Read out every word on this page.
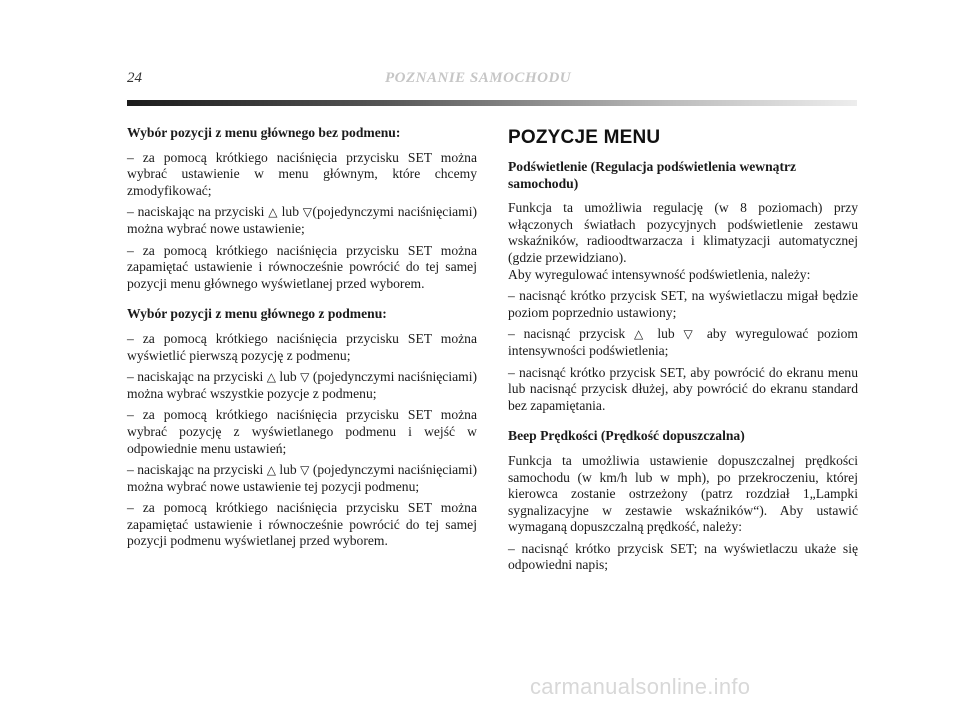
24	POZNANIE SAMOCHODU
Wybór pozycji z menu głównego bez podmenu:

– za pomocą krótkiego naciśnięcia przycisku SET można wybrać ustawienie w menu głównym, które chcemy zmodyfikować;

– naciskając na przyciski △ lub ▽(pojedynczymi naciśnięciami) można wybrać nowe ustawienie;

– za pomocą krótkiego naciśnięcia przycisku SET można zapamiętać ustawienie i równocześnie powrócić do tej samej pozycji menu głównego wyświetlanej przed wyborem.

Wybór pozycji z menu głównego z podmenu:

– za pomocą krótkiego naciśnięcia przycisku SET można wyświetlić pierwszą pozycję z podmenu;

– naciskając na przyciski △ lub ▽ (pojedynczymi naciśnięciami) można wybrać wszystkie pozycje z podmenu;

– za pomocą krótkiego naciśnięcia przycisku SET można wybrać pozycję z wyświetlanego podmenu i wejść w odpowiednie menu ustawień;

– naciskając na przyciski △ lub ▽ (pojedynczymi naciśnięciami) można wybrać nowe ustawienie tej pozycji podmenu;

– za pomocą krótkiego naciśnięcia przycisku SET można zapamiętać ustawienie i równocześnie powrócić do tej samej pozycji podmenu wyświetlanej przed wyborem.

POZYCJE MENU
Podświetlenie (Regulacja podświetlenia wewnątrz samochodu)

Funkcja ta umożliwia regulację (w 8 poziomach) przy włączonych światłach pozycyjnych podświetlenie zestawu wskaźników, radioodtwarzacza i klimatyzacji automatycznej (gdzie przewidziano).

Aby wyregulować intensywność podświetlenia, należy:

– nacisnąć krótko przycisk SET, na wyświetlaczu migał będzie poziom poprzednio ustawiony;

– nacisnąć przycisk △ lub ▽ aby wyregulować poziom intensywności podświetlenia;

– nacisnąć krótko przycisk SET, aby powrócić do ekranu menu lub nacisnąć przycisk dłużej, aby powrócić do ekranu standard bez zapamiętania.

Beep Prędkości (Prędkość dopuszczalna)

Funkcja ta umożliwia ustawienie dopuszczalnej prędkości samochodu (w km/h lub w mph), po przekroczeniu, której kierowca zostanie ostrzeżony (patrz rozdział 1„Lampki sygnalizacyjne w zestawie wskaźników“). Aby ustawić wymaganą dopuszczalną prędkość, należy:

– nacisnąć krótko przycisk SET; na wyświetlaczu ukaże się odpowiedni napis;

carmanualsonline.info
